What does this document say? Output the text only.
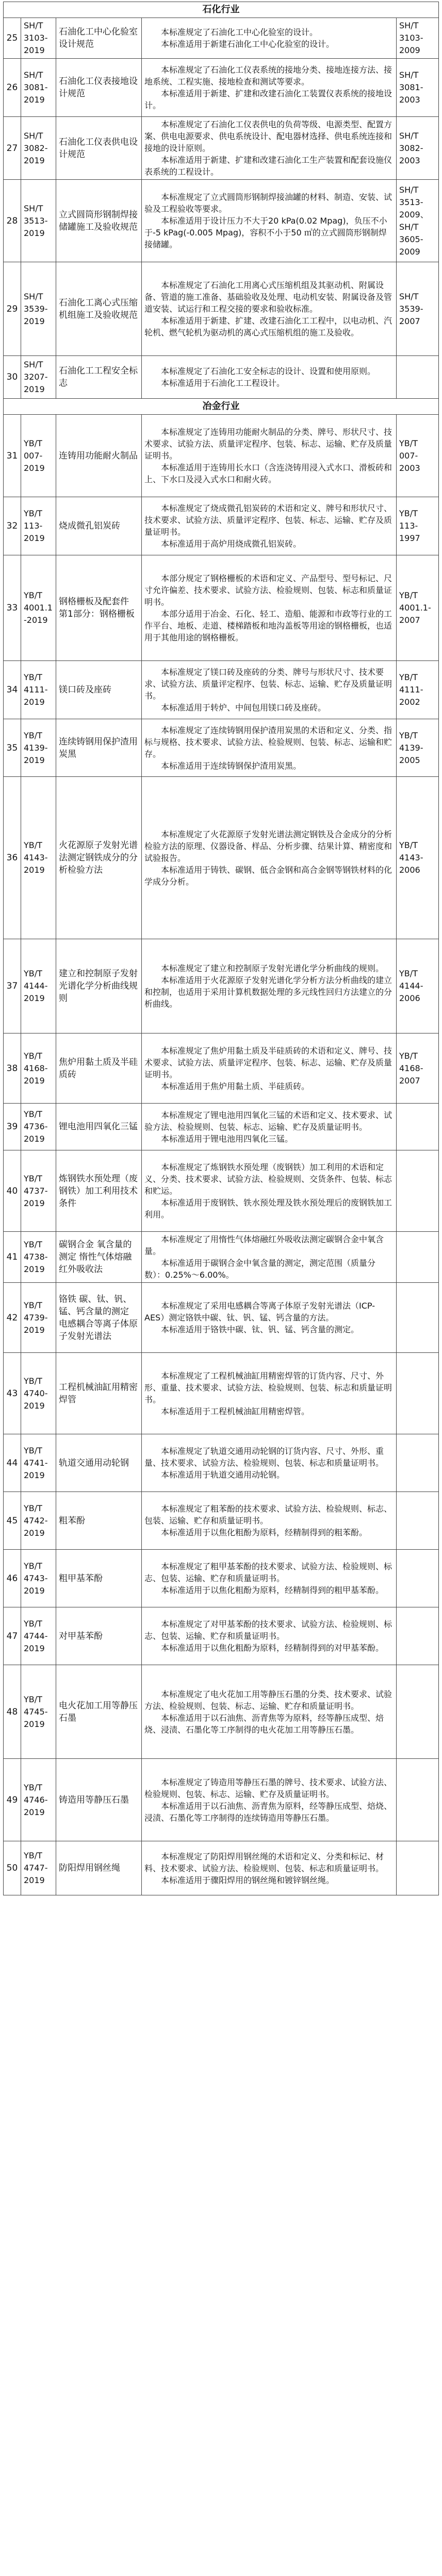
石化行业				
25	SH/T 3103-2019	石油化工中心化验室设计规范	本标准规定了石油化工中心化验室的设计。

本标准适用于新建石油化工中心化验室的设计。	SH/T 3103-2009
26	SH/T 3081-2019	石油化工仪表接地设计规范	本标准规定了石油化工仪表系统的接地分类、接地连接方法、接地系统、工程实施、接地检查和测试等要求。

本标准适用于新建、扩建和改建石油化工装置仪表系统的接地设计。	SH/T 3081-2003
27	SH/T 3082-2019	石油化工仪表供电设计规范	本标准规定了石油化工仪表供电的负荷等级、电源类型、配置方案、供电电源要求、供电系统设计、配电器材选择、供电系统连接和接地的设计原则。

本标准适用于新建、扩建和改建石油化工生产装置和配套设施仪表系统的工程设计。	SH/T 3082-2003
28	SH/T 3513-2019	立式圆筒形钢制焊接储罐施工及验收规范	本标准规定了立式圆筒形钢制焊接油罐的材料、制造、安装、试验及工程验收等要求。

本标准适用于设计压力不大于20 kPa(0.02 Mpag)，负压不小于-5 kPag(-0.005 Mpag)，容积不小于50 ㎥的立式圆筒形钢制焊接储罐。	SH/T 3513-2009、SH/T 3605-2009
29	SH/T 3539-2019	石油化工离心式压缩机组施工及验收规范	本标准规定了石油化工用离心式压缩机组及其驱动机、附属设备、管道的施工准备、基础验收及处理、电动机安装、附属设备及管道安装、试运行和工程交接的要求和验收标准。

本标准适用于新建、扩建、改建石油化工工程中，以电动机、汽轮机、燃气轮机为驱动机的离心式压缩机组的施工及验收。	SH/T 3539-2007
30	SH/T 3207-2019	石油化工工程安全标志	本标准规定了石油化工安全标志的设计、设置和使用原则。

本标准适用于石油化工工程设计。	

冶金行业				
31	YB/T 007-2019	连铸用功能耐火制品	本标准规定了连铸用功能耐火制品的分类、牌号、形状尺寸、技术要求、试验方法、质量评定程序、包装、标志、运输、贮存及质量证明书。

本标准适用于连铸用长水口（含连浇铸用浸入式水口、滑板砖和上、下水口及浸入式水口和耐火砖。	YB/T 007-2003
32	YB/T 113-2019	烧成微孔铝炭砖	本标准规定了烧成微孔铝炭砖的术语和定义、牌号和形状尺寸、技术要求、试验方法、质量评定程序、包装、标志、运输、贮存及质量证明书。

本标准适用于高炉用烧成微孔铝炭砖。	YB/T 113-1997
33	YB/T 4001.1-2019	钢格栅板及配套件 第1部分：钢格栅板	本部分规定了钢格栅板的术语和定义、产品型号、型号标记、尺寸允许偏差、技术要求、试验方法、检验规则、包装、标志和质量证明书。

本部分适用于冶金、石化、轻工、造船、能源和市政等行业的工作平台、地板、走道、楼梯踏板和地沟盖板等用途的钢格栅板，也适用于其他用途的钢格栅板。	YB/T 4001.1-2007
34	YB/T 4111-2019	镁口砖及座砖	本标准规定了镁口砖及座砖的分类、牌号与形状尺寸、技术要求、试验方法、质量评定程序、包装、标志、运输、贮存及质量证明书。

本标准适用于转炉、中间包用镁口砖及座砖。	YB/T 4111-2002
35	YB/T 4139-2019	连续铸钢用保护渣用炭黑	本标准规定了连续铸钢用保护渣用炭黑的术语和定义、分类、指标与规格、技术要求、试验方法、检验规则、包装、标志、运输和贮存。

本标准适用于连续铸钢保护渣用炭黑。	YB/T 4139-2005
36	YB/T 4143-2019	火花源原子发射光谱法测定钢铁成分的分析检验方法	本标准规定了火花源原子发射光谱法测定钢铁及合金成分的分析检验方法的原理、仪器设备、样品、分析步骤、结果计算、精密度和试验报告。

本标准适用于铸铁、碳钢、低合金钢和高合金钢等钢铁材料的化学成分分析。	YB/T 4143-2006
37	YB/T 4144-2019	建立和控制原子发射光谱化学分析曲线规则	本标准规定了建立和控制原子发射光谱化学分析曲线的规则。

本标准适用于火花源原子发射光谱化学分析方法分析曲线的建立和控制，也适用于采用计算机数据处理的多元线性回归方法建立的分析曲线。	YB/T 4144-2006
38	YB/T 4168-2019	焦炉用黏土质及半硅质砖	本标准规定了焦炉用黏土质及半硅质砖的术语和定义、牌号、技术要求、试验方法、质量评定程序、包装、标志、运输、贮存及质量证明书。

本标准适用于焦炉用黏土质、半硅质砖。	YB/T 4168-2007
39	YB/T 4736-2019	锂电池用四氧化三锰	本标准规定了锂电池用四氧化三锰的术语和定义、技术要求、试验方法、检验规则、包装、标志、运输、贮存及质量证明书。

本标准适用于锂电池用四氧化三锰。	

40	YB/T 4737-2019	炼钢铁水预处理（废钢铁）加工利用技术条件	本标准规定了炼钢铁水预处理（废钢铁）加工利用的术语和定义、分类、技术要求、试验方法、检验规则、交货条件、包装、标志和贮运。

本标准适用于废钢铁、铁水预处理及铁水预处理后的废钢铁加工利用。	

41	YB/T 4738-2019	碳钢合金 氧含量的测定 惰性气体熔融红外吸收法	本标准规定了用惰性气体熔融红外吸收法测定碳钢合金中氧含量。

本标准适用于碳钢合金中氧含量的测定，测定范围（质量分数）：0.25%～6.00%。	

42	YB/T 4739-2019	铬铁 碳、钛、钒、锰、钙含量的测定 电感耦合等离子体原子发射光谱法	本标准规定了采用电感耦合等离子体原子发射光谱法（ICP-AES）测定铬铁中碳、钛、钒、锰、钙含量的方法。

本标准适用于铬铁中碳、钛、钒、锰、钙含量的测定。	

43	YB/T 4740-2019	工程机械油缸用精密焊管	本标准规定了工程机械油缸用精密焊管的订货内容、尺寸、外形、重量、技术要求、试验方法、检验规则、包装、标志和质量证明书。

本标准适用于工程机械油缸用精密焊管。	

44	YB/T 4741-2019	轨道交通用动轮钢	本标准规定了轨道交通用动轮钢的订货内容、尺寸、外形、重量、技术要求、试验方法、检验规则、包装、标志和质量证明书。

本标准适用于轨道交通用动轮钢。	

45	YB/T 4742-2019	粗苯酚	本标准规定了粗苯酚的技术要求、试验方法、检验规则、标志、包装、运输、贮存和质量证明书。

本标准适用于以焦化粗酚为原料，经精制得到的粗苯酚。	

46	YB/T 4743-2019	粗甲基苯酚	本标准规定了粗甲基苯酚的技术要求、试验方法、检验规则、标志、包装、运输、贮存和质量证明书。

本标准适用于以焦化粗酚为原料，经精制得到的粗甲基苯酚。	

47	YB/T 4744-2019	对甲基苯酚	本标准规定了对甲基苯酚的技术要求、试验方法、检验规则、标志、包装、运输、贮存和质量证明书。

本标准适用于以焦化粗酚为原料，经精制得到的对甲基苯酚。	

48	YB/T 4745-2019	电火花加工用等静压石墨	本标准规定了电火花加工用等静压石墨的分类、技术要求、试验方法、检验规则、包装、标志、运输、贮存和质量证明书。

本标准适用于以石油焦、沥青焦等为原料，经等静压成型、焙烧、浸渍、石墨化等工序制得的电火花加工用等静压石墨。	

49	YB/T 4746-2019	铸造用等静压石墨	本标准规定了铸造用等静压石墨的牌号、技术要求、试验方法、检验规则、包装、标志、运输、贮存及质量证明书。

本标准适用于以石油焦、沥青焦为原料，经等静压成型、焙烧、浸渍、石墨化等工序制得的连续铸造用等静压石墨。	

50	YB/T 4747-2019	防阳焊用钢丝绳	本标准规定了防阳焊用钢丝绳的术语和定义、分类和标记、材料、技术要求、试验方法、检验规则、包装、标志和质量证明书。

本标准适用于骤阳焊用的钢丝绳和镀锌钢丝绳。	
